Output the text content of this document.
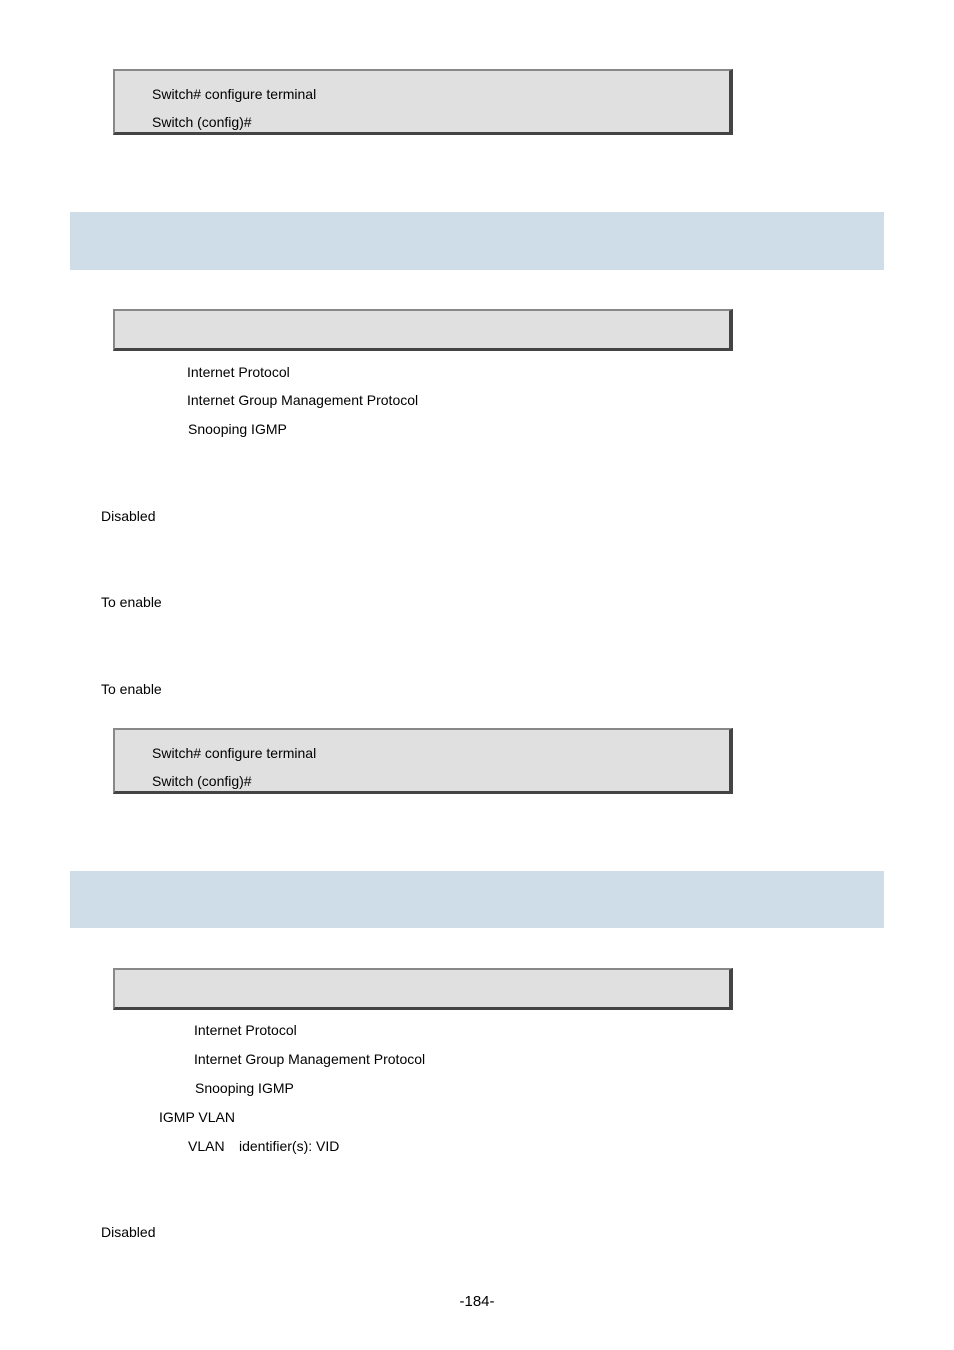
Switch# configure terminal
Switch (config)#
Internet Protocol
Internet Group Management Protocol
Snooping IGMP
Disabled
To enable
To enable
Switch# configure terminal
Switch (config)#
Internet Protocol
Internet Group Management Protocol
Snooping IGMP
IGMP VLAN
VLAN identifier(s): VID
Disabled
-184-
